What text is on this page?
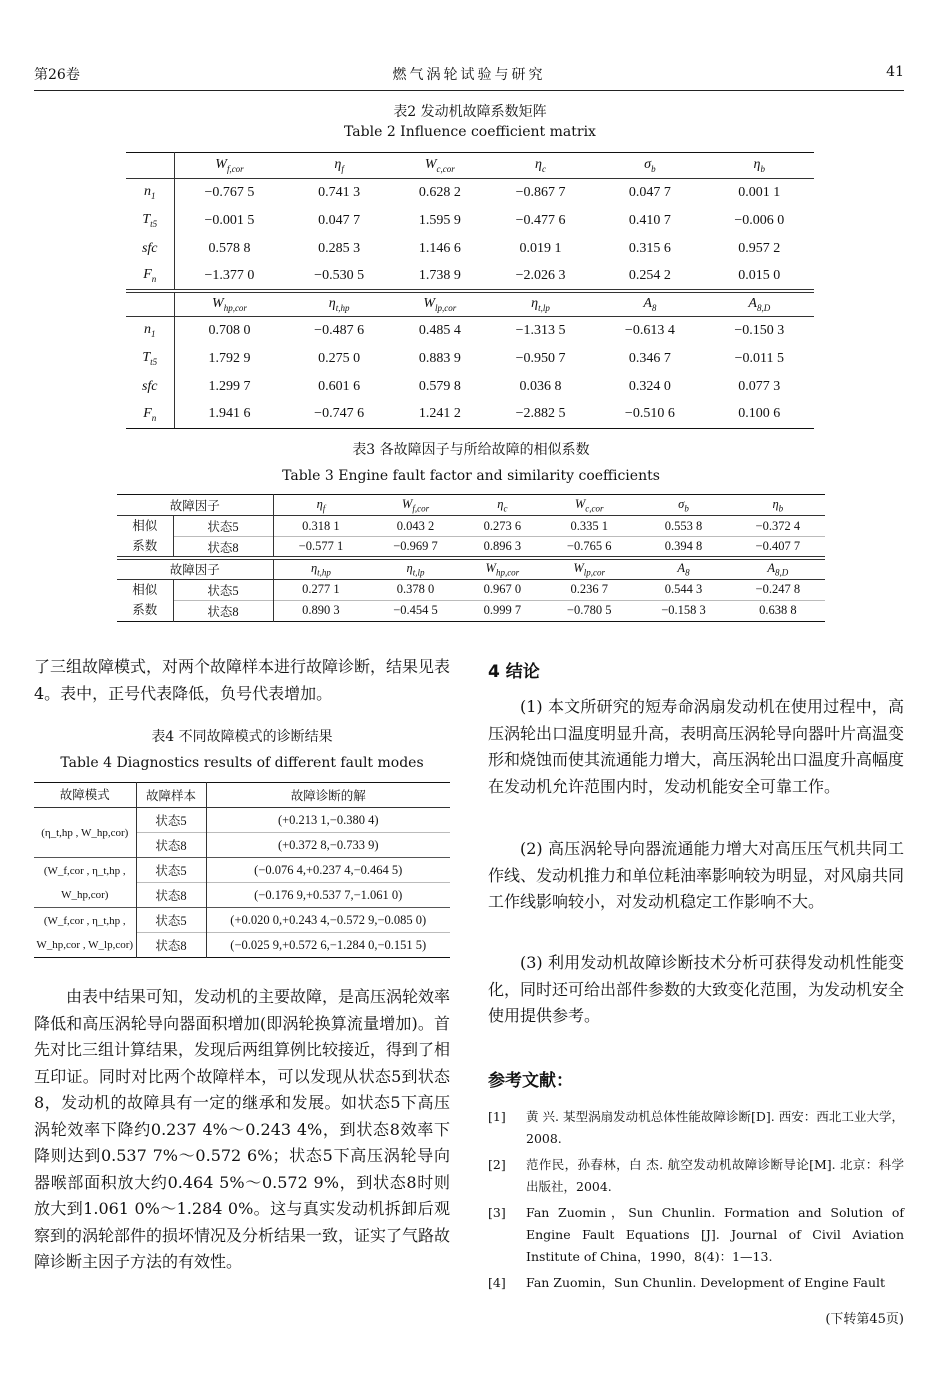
第26卷	燃气涡轮试验与研究	41
表2 发动机故障系数矩阵
Table 2 Influence coefficient matrix
	$W_{f,cor}$	$\eta_f$	$W_{c,cor}$	$\eta_c$	$\sigma_b$	$\eta_b$
$n_1$	−0.767 5	0.741 3	0.628 2	−0.867 7	0.047 7	0.001 1
$T_{t5}$	−0.001 5	0.047 7	1.595 9	−0.477 6	0.410 7	−0.006 0
sfc	0.578 8	0.285 3	1.146 6	0.019 1	0.315 6	0.957 2
$F_n$	−1.377 0	−0.530 5	1.738 9	−2.026 3	0.254 2	0.015 0
	$W_{hp,cor}$	$\eta_{t,hp}$	$W_{lp,cor}$	$\eta_{t,lp}$	$A_8$	$A_{8,D}$
$n_1$	0.708 0	−0.487 6	0.485 4	−1.313 5	−0.613 4	−0.150 3
$T_{t5}$	1.792 9	0.275 0	0.883 9	−0.950 7	0.346 7	−0.011 5
sfc	1.299 7	0.601 6	0.579 8	0.036 8	0.324 0	0.077 3
$F_n$	1.941 6	−0.747 6	1.241 2	−2.882 5	−0.510 6	0.100 6
表3 各故障因子与所给故障的相似系数
Table 3 Engine fault factor and similarity coefficients
故障因子		$\eta_f$	$W_{f,cor}$	$\eta_c$	$W_{c,cor}$	$\sigma_b$	$\eta_b$
相似
系数	状态5	0.318 1	0.043 2	0.273 6	0.335 1	0.553 8	−0.372 4
	状态8	−0.577 1	−0.969 7	0.896 3	−0.765 6	0.394 8	−0.407 7
故障因子		$\eta_{t,hp}$	$\eta_{t,lp}$	$W_{hp,cor}$	$W_{lp,cor}$	$A_8$	$A_{8,D}$
相似
系数	状态5	0.277 1	0.378 0	0.967 0	0.236 7	0.544 3	−0.247 8
	状态8	0.890 3	−0.454 5	0.999 7	−0.780 5	−0.158 3	0.638 8
了三组故障模式，对两个故障样本进行故障诊断，结果见表4。表中，正号代表降低，负号代表增加。
表4 不同故障模式的诊断结果
Table 4 Diagnostics results of different fault modes
故障模式	故障样本	故障诊断的解
(η_t,hp , W_hp,cor)	状态5	(+0.213 1,−0.380 4)
	状态8	(+0.372 8,−0.733 9)
(W_f,cor , η_t,hp ,
W_hp,cor)	状态5	(−0.076 4,+0.237 4,−0.464 5)
	状态8	(−0.176 9,+0.537 7,−1.061 0)
(W_f,cor , η_t,hp ,
W_hp,cor , W_lp,cor)	状态5	(+0.020 0,+0.243 4,−0.572 9,−0.085 0)
	状态8	(−0.025 9,+0.572 6,−1.284 0,−0.151 5)
由表中结果可知，发动机的主要故障，是高压涡轮效率降低和高压涡轮导向器面积增加(即涡轮换算流量增加)。首先对比三组计算结果，发现后两组算例比较接近，得到了相互印证。同时对比两个故障样本，可以发现从状态5到状态8，发动机的故障具有一定的继承和发展。如状态5下高压涡轮效率下降约0.237 4%～0.243 4%，到状态8效率下降则达到0.537 7%～0.572 6%；状态5下高压涡轮导向器喉部面积放大约0.464 5%～0.572 9%，到状态8时则放大到1.061 0%～1.284 0%。这与真实发动机拆卸后观察到的涡轮部件的损坏情况及分析结果一致，证实了气路故障诊断主因子方法的有效性。
4 结论
(1) 本文所研究的短寿命涡扇发动机在使用过程中，高压涡轮出口温度明显升高，表明高压涡轮导向器叶片高温变形和烧蚀而使其流通能力增大，高压涡轮出口温度升高幅度在发动机允许范围内时，发动机能安全可靠工作。
(2) 高压涡轮导向器流通能力增大对高压压气机共同工作线、发动机推力和单位耗油率影响较为明显，对风扇共同工作线影响较小，对发动机稳定工作影响不大。
(3) 利用发动机故障诊断技术分析可获得发动机性能变化，同时还可给出部件参数的大致变化范围，为发动机安全使用提供参考。
参考文献：
[1]	黄 兴. 某型涡扇发动机总体性能故障诊断[D]. 西安：西北工业大学，2008.
[2]	范作民，孙春林，白 杰. 航空发动机故障诊断导论[M]. 北京：科学出版社，2004.
[3]	Fan Zuomin，Sun Chunlin. Formation and Solution of Engine Fault Equations [J]. Journal of Civil Aviation Institute of China，1990，8(4)：1—13.
[4]	Fan Zuomin，Sun Chunlin. Development of Engine Fault
(下转第45页)
